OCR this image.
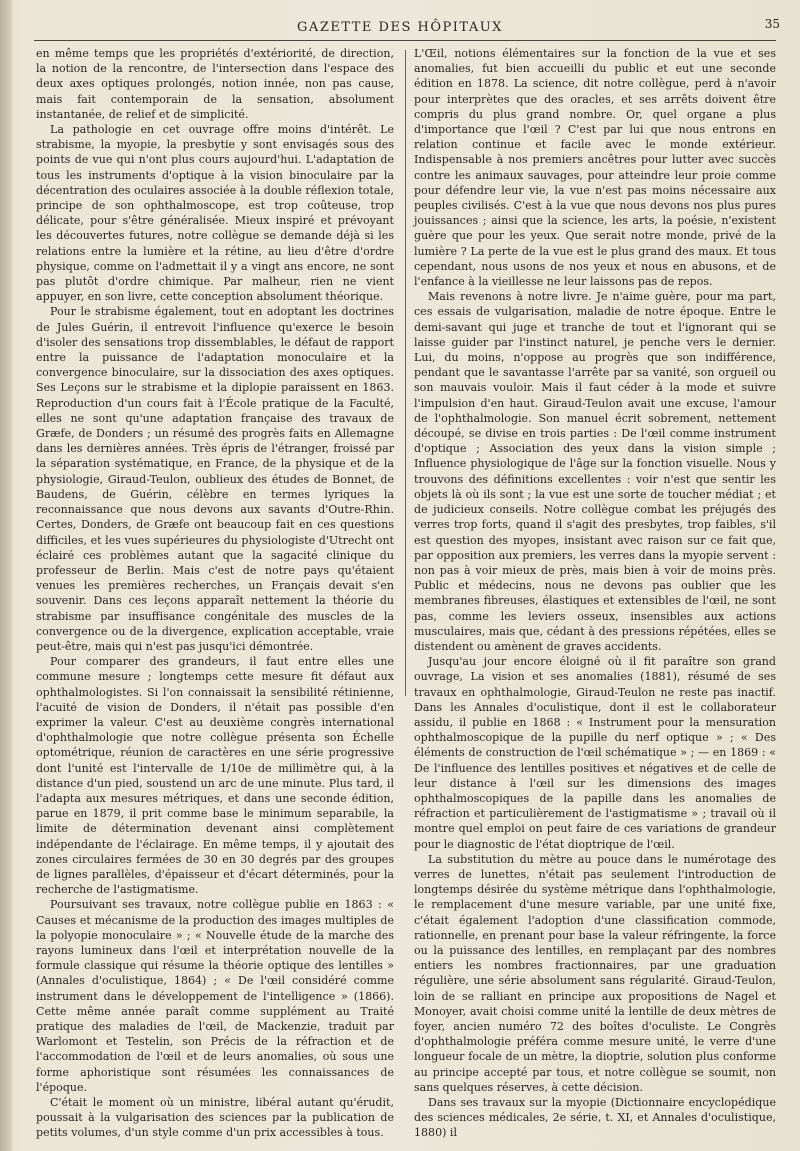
GAZETTE DES HÔPITAUX	35

en même temps que les propriétés d'extériorité, de direction, la notion de la rencontre, de l'intersection dans l'espace des deux axes optiques prolongés, notion innée, non pas cause, mais fait contemporain de la sensation, absolument instantanée, de relief et de simplicité.

La pathologie en cet ouvrage offre moins d'intérêt. Le strabisme, la myopie, la presbytie y sont envisagés sous des points de vue qui n'ont plus cours aujourd'hui. L'adaptation de tous les instruments d'optique à la vision binoculaire par la décentration des oculaires associée à la double réflexion totale, principe de son ophthalmoscope, est trop coûteuse, trop délicate, pour s'être généralisée. Mieux inspiré et prévoyant les découvertes futures, notre collègue se demande déjà si les relations entre la lumière et la rétine, au lieu d'être d'ordre physique, comme on l'admettait il y a vingt ans encore, ne sont pas plutôt d'ordre chimique. Par malheur, rien ne vient appuyer, en son livre, cette conception absolument théorique.

Pour le strabisme également, tout en adoptant les doctrines de Jules Guérin, il entrevoit l'influence qu'exerce le besoin d'isoler des sensations trop dissemblables, le défaut de rapport entre la puissance de l'adaptation monoculaire et la convergence binoculaire, sur la dissociation des axes optiques. Ses Leçons sur le strabisme et la diplopie paraissent en 1863. Reproduction d'un cours fait à l'École pratique de la Faculté, elles ne sont qu'une adaptation française des travaux de Græfe, de Donders ; un résumé des progrès faits en Allemagne dans les dernières années. Très épris de l'étranger, froissé par la séparation systématique, en France, de la physique et de la physiologie, Giraud-Teulon, oublieux des études de Bonnet, de Baudens, de Guérin, célèbre en termes lyriques la reconnaissance que nous devons aux savants d'Outre-Rhin. Certes, Donders, de Græfe ont beaucoup fait en ces questions difficiles, et les vues supérieures du physiologiste d'Utrecht ont éclairé ces problèmes autant que la sagacité clinique du professeur de Berlin. Mais c'est de notre pays qu'étaient venues les premières recherches, un Français devait s'en souvenir. Dans ces leçons apparaît nettement la théorie du strabisme par insuffisance congénitale des muscles de la convergence ou de la divergence, explication acceptable, vraie peut-être, mais qui n'est pas jusqu'ici démontrée.

Pour comparer des grandeurs, il faut entre elles une commune mesure ; longtemps cette mesure fit défaut aux ophthalmologistes. Si l'on connaissait la sensibilité rétinienne, l'acuité de vision de Donders, il n'était pas possible d'en exprimer la valeur. C'est au deuxième congrès international d'ophthalmologie que notre collègue présenta son Échelle optométrique, réunion de caractères en une série progressive dont l'unité est l'intervalle de 1/10e de millimètre qui, à la distance d'un pied, soustend un arc de une minute. Plus tard, il l'adapta aux mesures métriques, et dans une seconde édition, parue en 1879, il prit comme base le minimum separabile, la limite de détermination devenant ainsi complètement indépendante de l'éclairage. En même temps, il y ajoutait des zones circulaires fermées de 30 en 30 degrés par des groupes de lignes parallèles, d'épaisseur et d'écart déterminés, pour la recherche de l'astigmatisme.

Poursuivant ses travaux, notre collègue publie en 1863 : « Causes et mécanisme de la production des images multiples de la polyopie monoculaire » ; « Nouvelle étude de la marche des rayons lumineux dans l'œil et interprétation nouvelle de la formule classique qui résume la théorie optique des lentilles » (Annales d'oculistique, 1864) ; « De l'œil considéré comme instrument dans le développement de l'intelligence » (1866). Cette même année paraît comme supplément au Traité pratique des maladies de l'œil, de Mackenzie, traduit par Warlomont et Testelin, son Précis de la réfraction et de l'accommodation de l'œil et de leurs anomalies, où sous une forme aphoristique sont résumées les connaissances de l'époque.

C'était le moment où un ministre, libéral autant qu'érudit, poussait à la vulgarisation des sciences par la publication de petits volumes, d'un style comme d'un prix accessibles à tous.

L'Œil, notions élémentaires sur la fonction de la vue et ses anomalies, fut bien accueilli du public et eut une seconde édition en 1878. La science, dit notre collègue, perd à n'avoir pour interprètes que des oracles, et ses arrêts doivent être compris du plus grand nombre. Or, quel organe a plus d'importance que l'œil ? C'est par lui que nous entrons en relation continue et facile avec le monde extérieur. Indispensable à nos premiers ancêtres pour lutter avec succès contre les animaux sauvages, pour atteindre leur proie comme pour défendre leur vie, la vue n'est pas moins nécessaire aux peuples civilisés. C'est à la vue que nous devons nos plus pures jouissances ; ainsi que la science, les arts, la poésie, n'existent guère que pour les yeux. Que serait notre monde, privé de la lumière ? La perte de la vue est le plus grand des maux. Et tous cependant, nous usons de nos yeux et nous en abusons, et de l'enfance à la vieillesse ne leur laissons pas de repos.

Mais revenons à notre livre. Je n'aime guère, pour ma part, ces essais de vulgarisation, maladie de notre époque. Entre le demi-savant qui juge et tranche de tout et l'ignorant qui se laisse guider par l'instinct naturel, je penche vers le dernier. Lui, du moins, n'oppose au progrès que son indifférence, pendant que le savantasse l'arrête par sa vanité, son orgueil ou son mauvais vouloir. Mais il faut céder à la mode et suivre l'impulsion d'en haut. Giraud-Teulon avait une excuse, l'amour de l'ophthalmologie. Son manuel écrit sobrement, nettement découpé, se divise en trois parties : De l'œil comme instrument d'optique ; Association des yeux dans la vision simple ; Influence physiologique de l'âge sur la fonction visuelle. Nous y trouvons des définitions excellentes : voir n'est que sentir les objets là où ils sont ; la vue est une sorte de toucher médiat ; et de judicieux conseils. Notre collègue combat les préjugés des verres trop forts, quand il s'agit des presbytes, trop faibles, s'il est question des myopes, insistant avec raison sur ce fait que, par opposition aux premiers, les verres dans la myopie servent : non pas à voir mieux de près, mais bien à voir de moins près. Public et médecins, nous ne devons pas oublier que les membranes fibreuses, élastiques et extensibles de l'œil, ne sont pas, comme les leviers osseux, insensibles aux actions musculaires, mais que, cédant à des pressions répétées, elles se distendent ou amènent de graves accidents.

Jusqu'au jour encore éloigné où il fit paraître son grand ouvrage, La vision et ses anomalies (1881), résumé de ses travaux en ophthalmologie, Giraud-Teulon ne reste pas inactif. Dans les Annales d'oculistique, dont il est le collaborateur assidu, il publie en 1868 : « Instrument pour la mensuration ophthalmoscopique de la pupille du nerf optique » ; « Des éléments de construction de l'œil schématique » ; — en 1869 : « De l'influence des lentilles positives et négatives et de celle de leur distance à l'œil sur les dimensions des images ophthalmoscopiques de la papille dans les anomalies de réfraction et particulièrement de l'astigmatisme » ; travail où il montre quel emploi on peut faire de ces variations de grandeur pour le diagnostic de l'état dioptrique de l'œil.

La substitution du mètre au pouce dans le numérotage des verres de lunettes, n'était pas seulement l'introduction de longtemps désirée du système métrique dans l'ophthalmologie, le remplacement d'une mesure variable, par une unité fixe, c'était également l'adoption d'une classification commode, rationnelle, en prenant pour base la valeur réfringente, la force ou la puissance des lentilles, en remplaçant par des nombres entiers les nombres fractionnaires, par une graduation régulière, une série absolument sans régularité. Giraud-Teulon, loin de se ralliant en principe aux propositions de Nagel et Monoyer, avait choisi comme unité la lentille de deux mètres de foyer, ancien numéro 72 des boîtes d'oculiste. Le Congrès d'ophthalmologie préféra comme mesure unité, le verre d'une longueur focale de un mètre, la dioptrie, solution plus conforme au principe accepté par tous, et notre collègue se soumit, non sans quelques réserves, à cette décision.

Dans ses travaux sur la myopie (Dictionnaire encyclopédique des sciences médicales, 2e série, t. XI, et Annales d'oculistique, 1880) il
